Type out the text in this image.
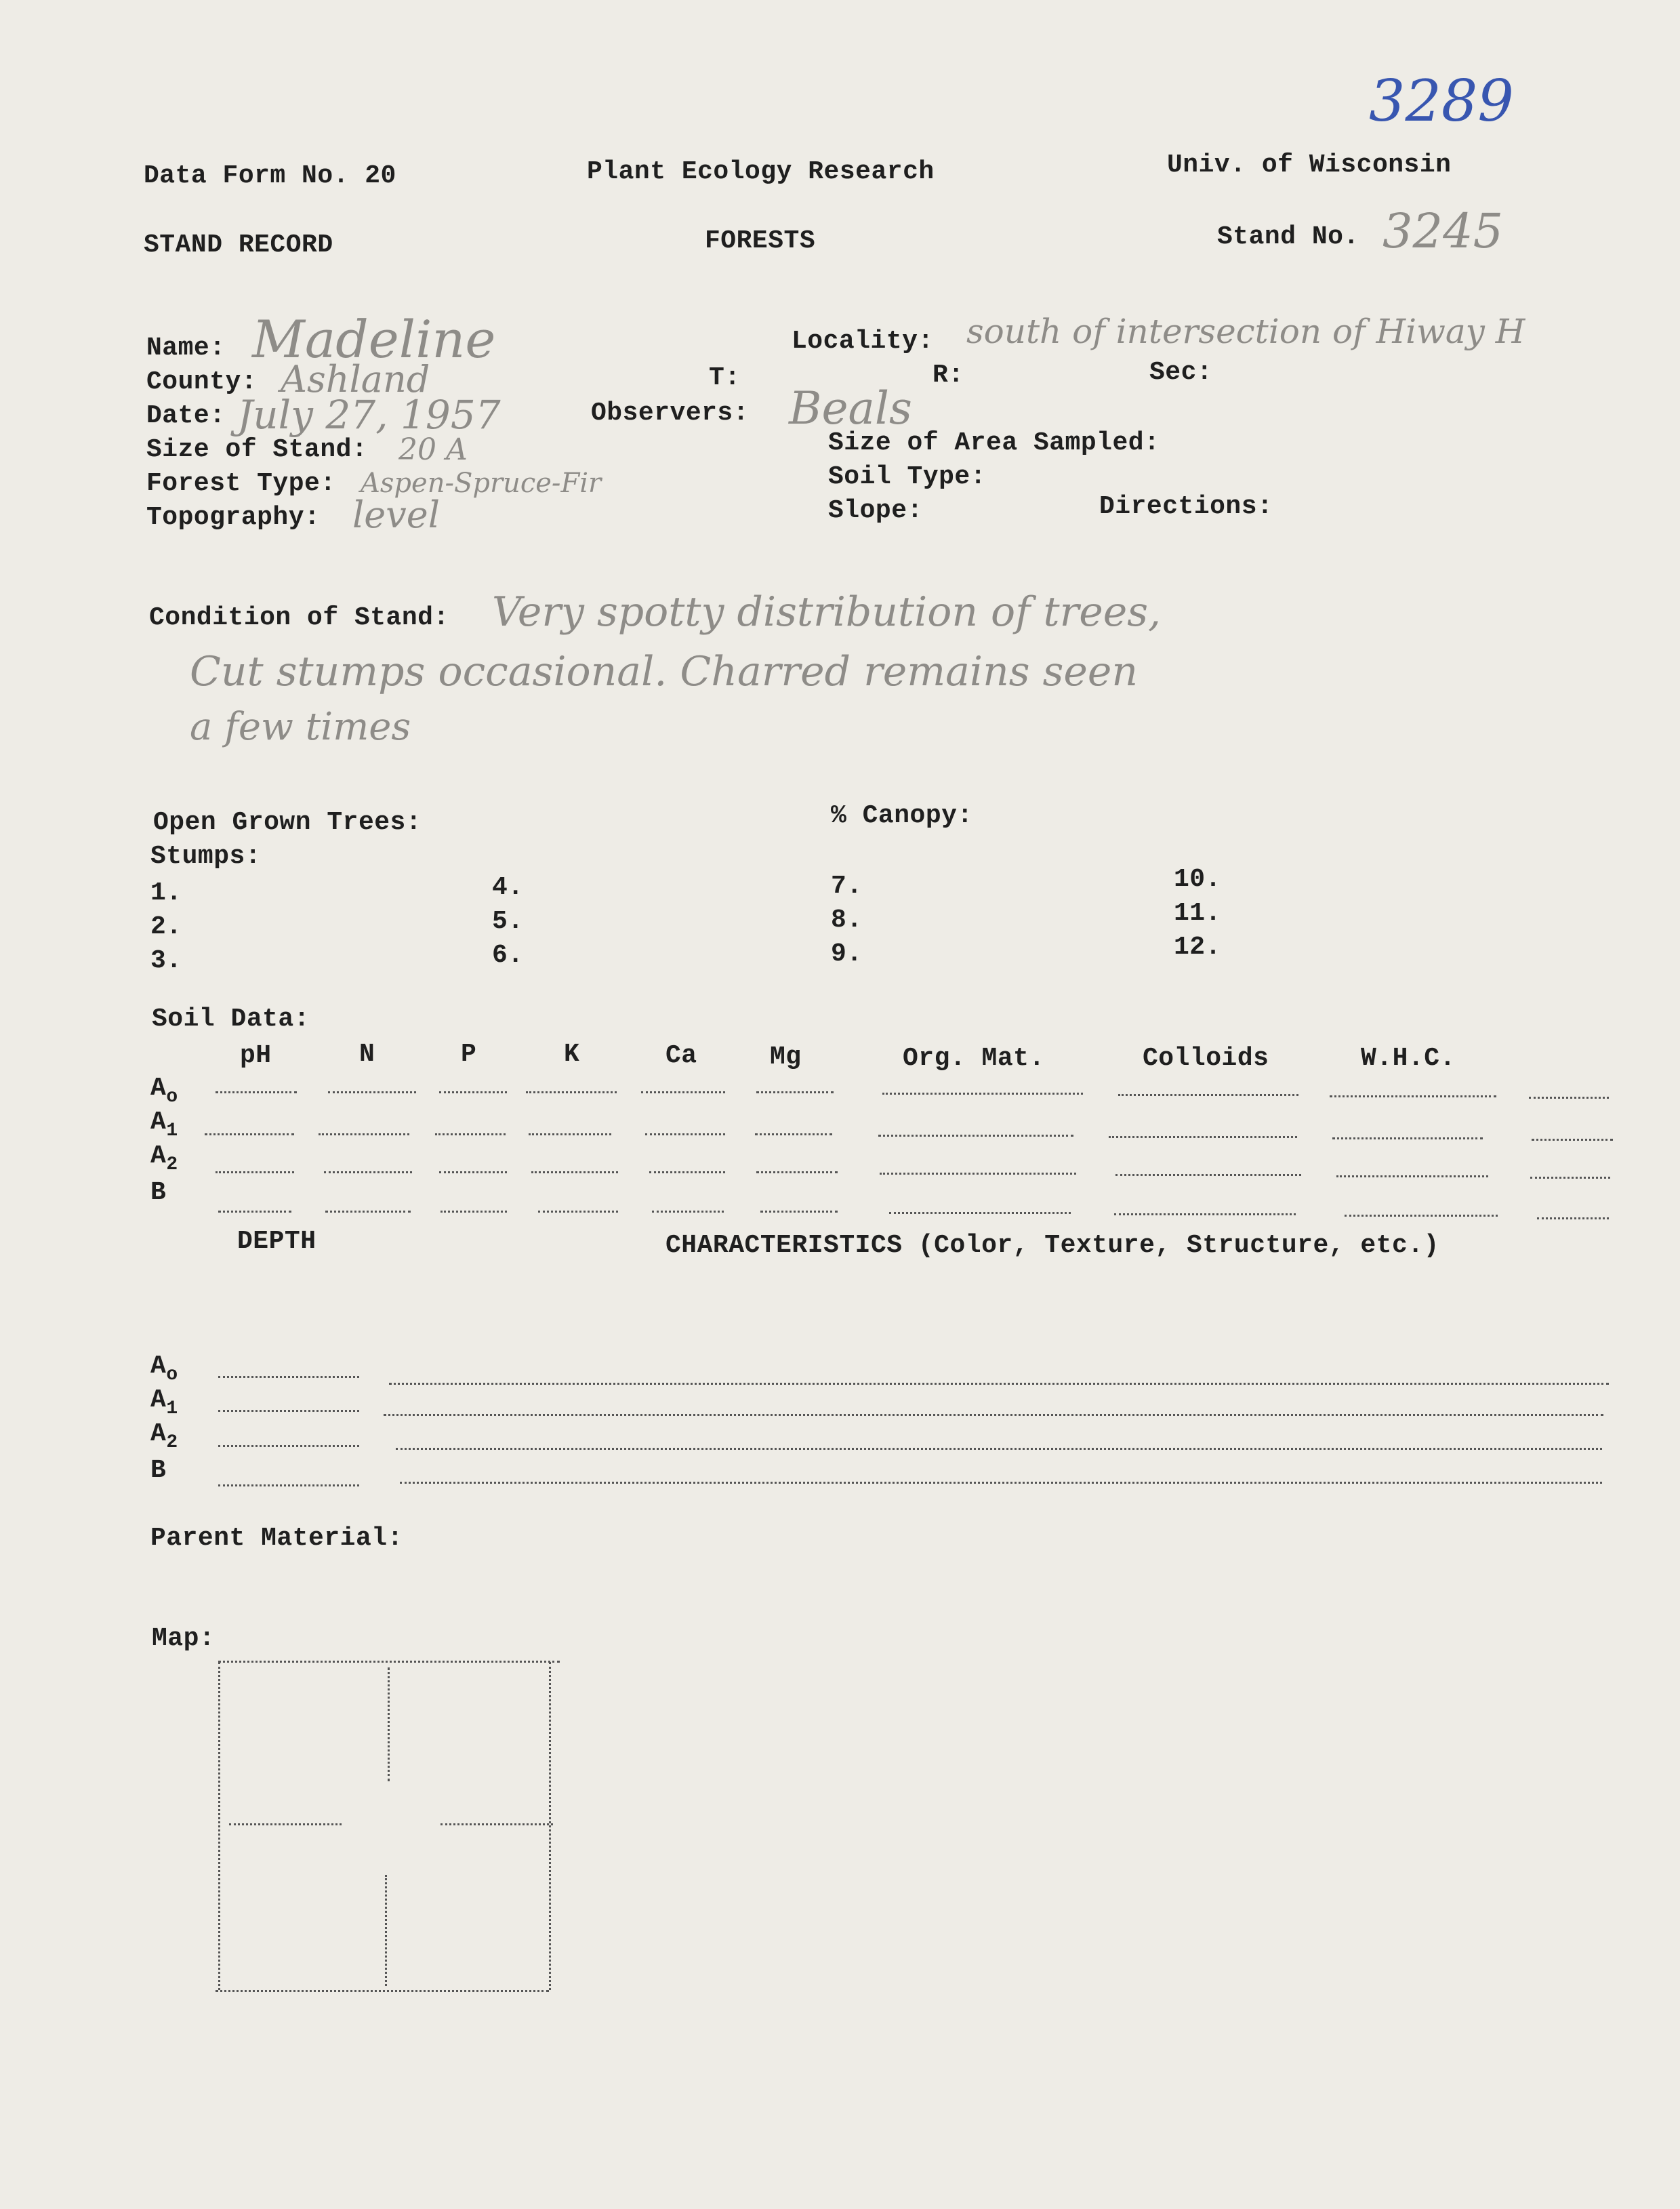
3289
Data Form No. 20	Plant Ecology Research	Univ. of Wisconsin
STAND RECORD	FORESTS	Stand No. 3245
Name: Madeline
County: Ashland
Date: July 27, 1957
Size of Stand: 20 A
Forest Type: Aspen-Spruce-Fir
Topography: level
Locality: south of intersection of Hiway H
T:	R:	Sec:
Observers: Beals
Size of Area Sampled:
Soil Type:
Slope:	Directions:
Condition of Stand: Very spotty distribution of trees,
Cut stumps occasional. Charred remains seen
a few times
Open Grown Trees:	% Canopy:
Stumps:
1.
2.
3.
4.
5.
6.
7.
8.
9.
10.
11.
12.
Soil Data:
pH	N	P	K	Ca	Mg	Org. Mat.	Colloids	W.H.C.
$A_o$
$A_1$
$A_2$
B
DEPTH	CHARACTERISTICS (Color, Texture, Structure, etc.)
$A_o$
$A_1$
$A_2$
B
Parent Material:
Map:
